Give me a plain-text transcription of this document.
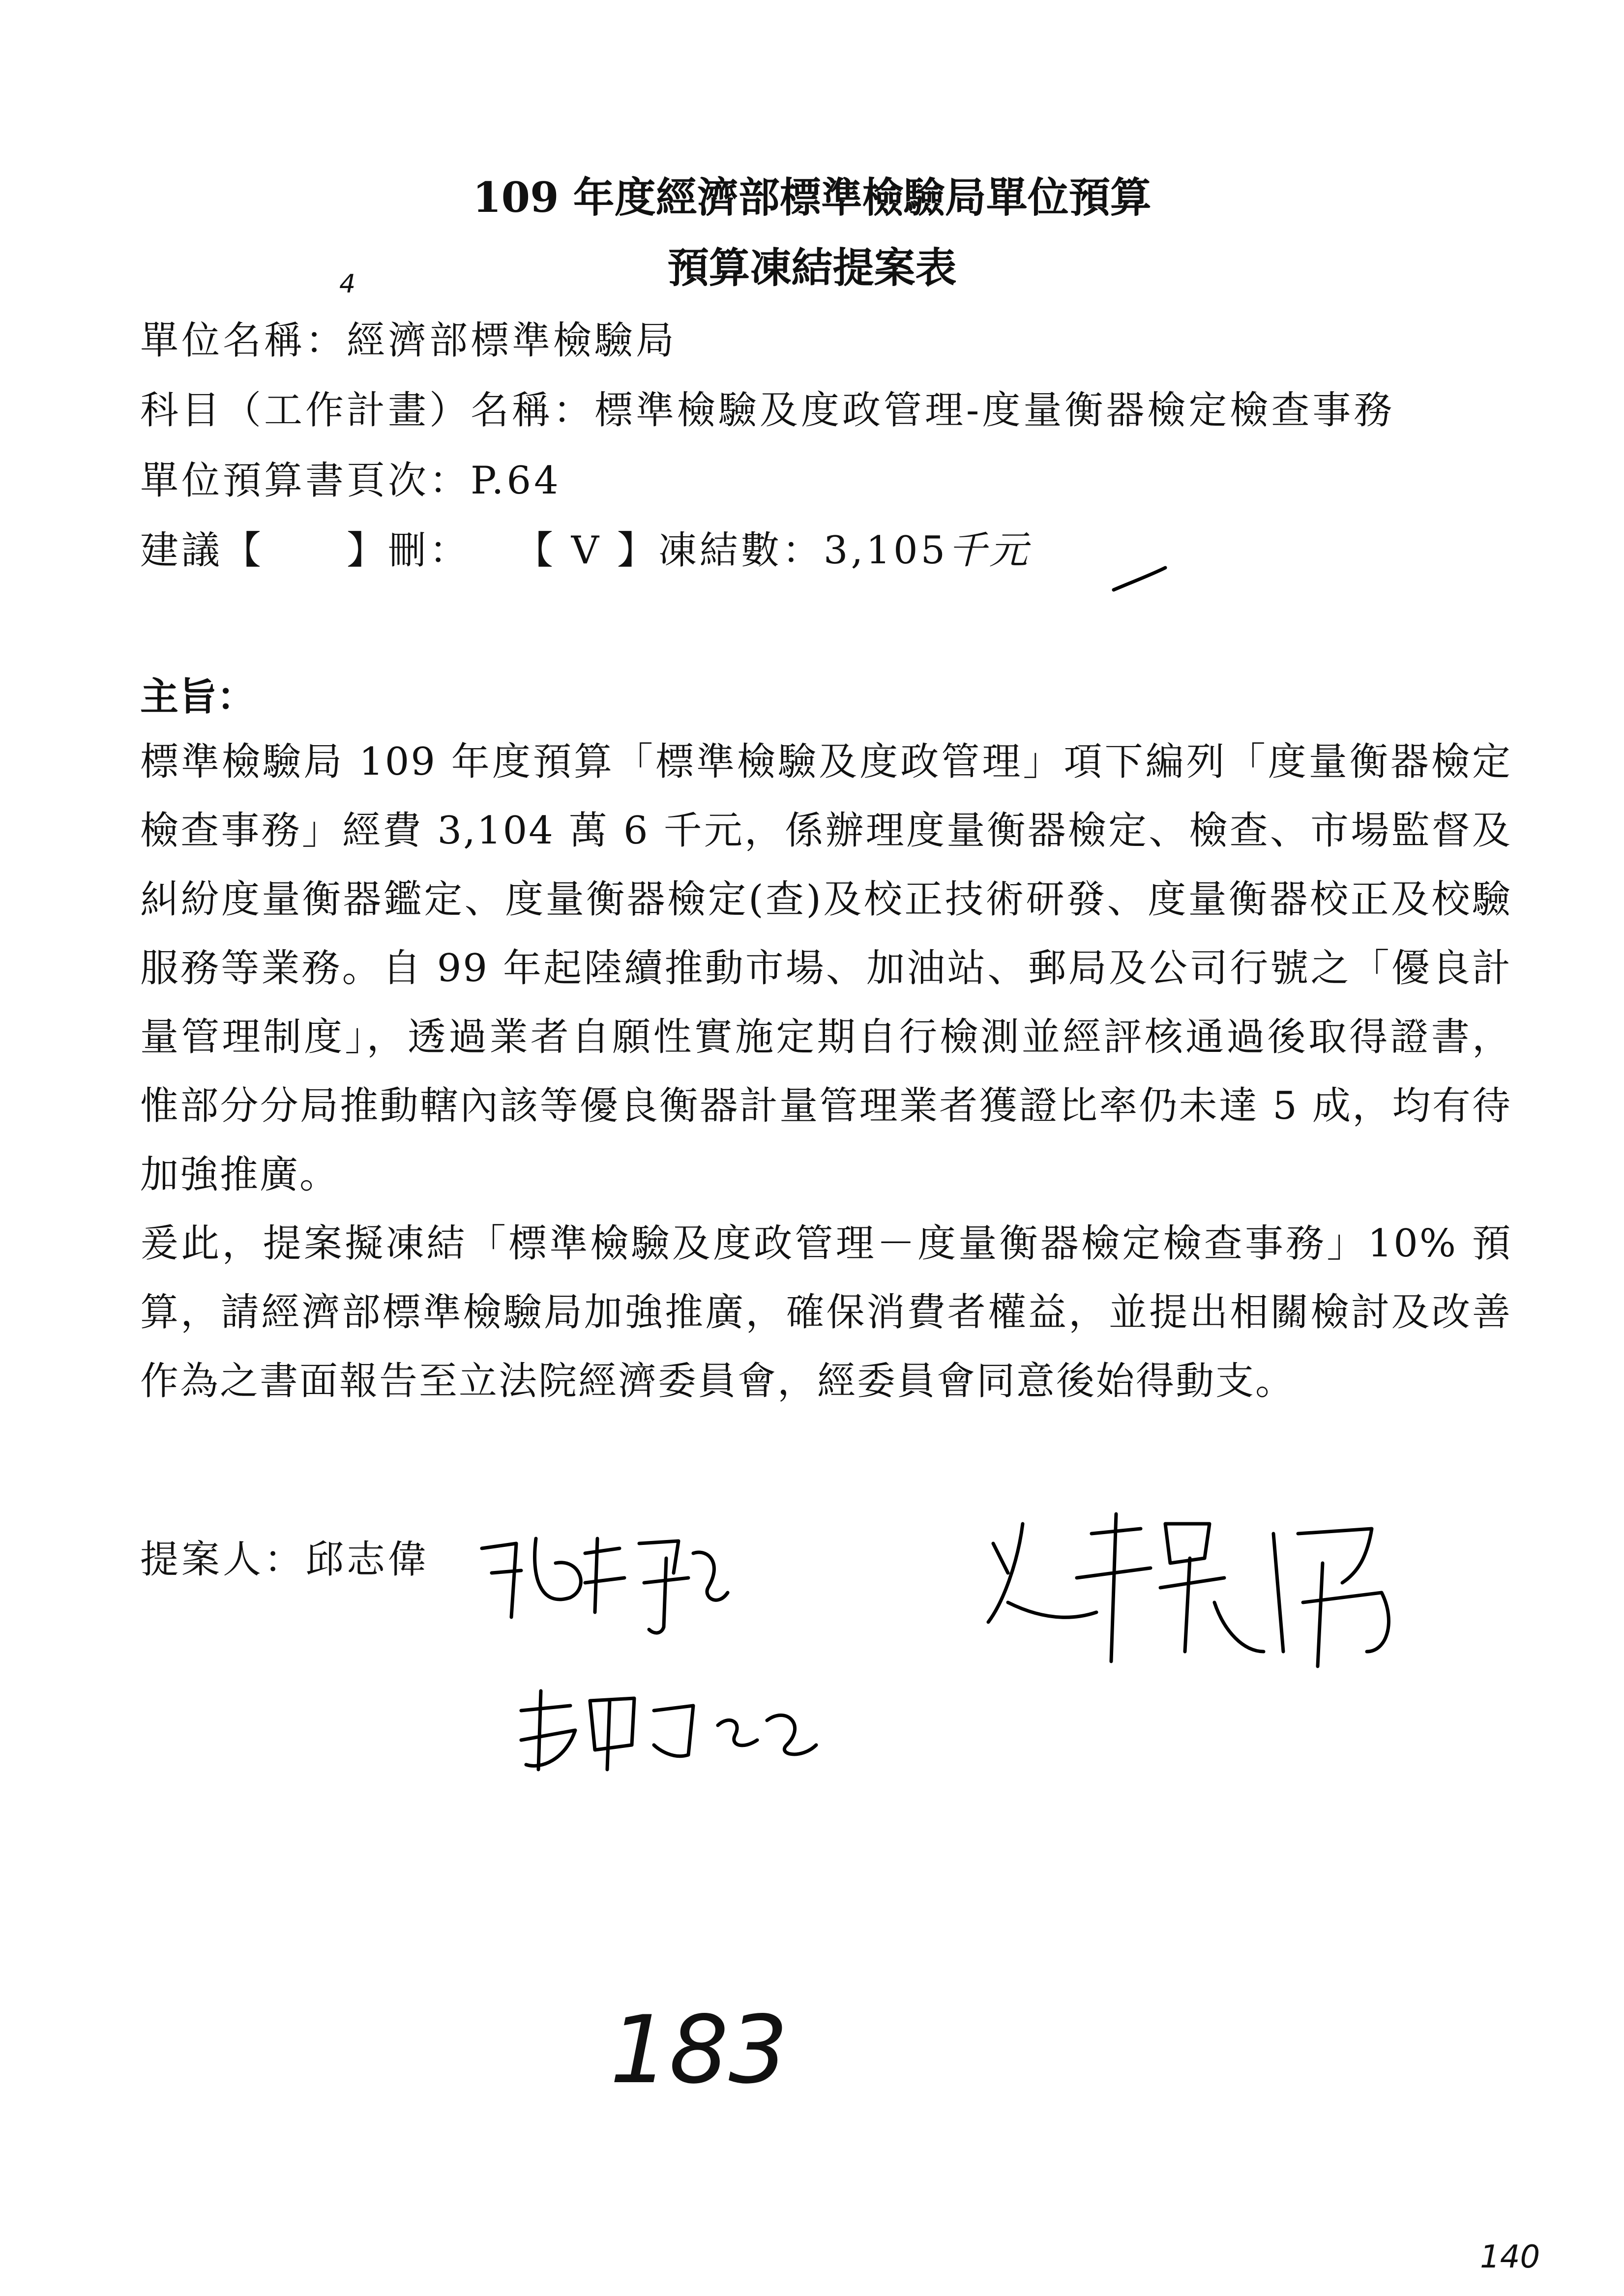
4
109 年度經濟部標準檢驗局單位預算
預算凍結提案表
單位名稱：經濟部標準檢驗局
科目（工作計畫）名稱：標準檢驗及度政管理-度量衡器檢定檢查事務
單位預算書頁次：P.64
建議【　　】刪：　　【 V 】凍結數：3,105千元
主旨：

標準檢驗局 109 年度預算「標準檢驗及度政管理」項下編列「度量衡器檢定檢查事務」經費 3,104 萬 6 千元，係辦理度量衡器檢定、檢查、市場監督及糾紛度量衡器鑑定、度量衡器檢定(查)及校正技術研發、度量衡器校正及校驗服務等業務。自 99 年起陸續推動市場、加油站、郵局及公司行號之「優良計量管理制度」，透過業者自願性實施定期自行檢測並經評核通過後取得證書，惟部分分局推動轄內該等優良衡器計量管理業者獲證比率仍未達 5 成，均有待加強推廣。

爰此，提案擬凍結「標準檢驗及度政管理－度量衡器檢定檢查事務」10% 預算，請經濟部標準檢驗局加強推廣，確保消費者權益，並提出相關檢討及改善作為之書面報告至立法院經濟委員會，經委員會同意後始得動支。

提案人：邱志偉
183
140
